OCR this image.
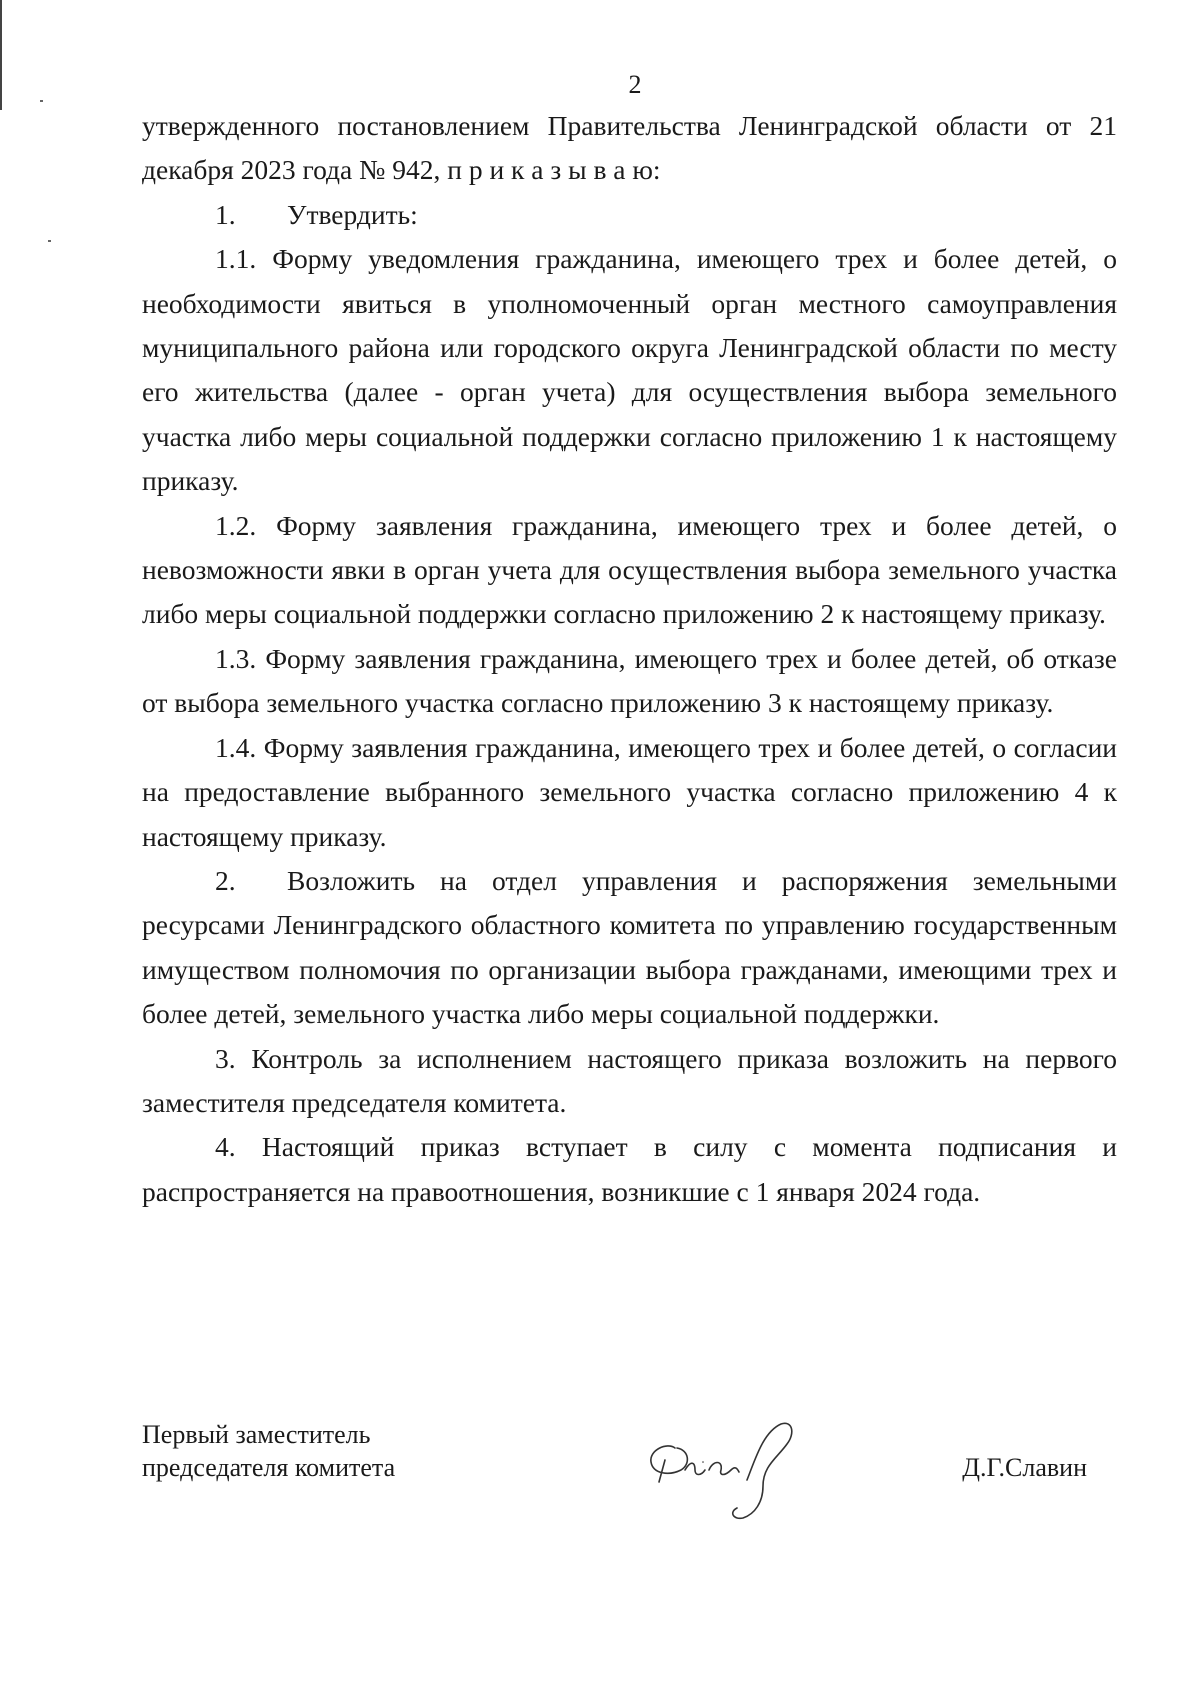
2

утвержденного постановлением Правительства Ленинградской области от 21 декабря 2023 года № 942, п р и к а з ы в а ю:

1. Утвердить:

1.1. Форму уведомления гражданина, имеющего трех и более детей, о необходимости явиться в уполномоченный орган местного самоуправления муниципального района или городского округа Ленинградской области по месту его жительства (далее - орган учета) для осуществления выбора земельного участка либо меры социальной поддержки согласно приложению 1 к настоящему приказу.

1.2. Форму заявления гражданина, имеющего трех и более детей, о невозможности явки в орган учета для осуществления выбора земельного участка либо меры социальной поддержки согласно приложению 2 к настоящему приказу.

1.3. Форму заявления гражданина, имеющего трех и более детей, об отказе от выбора земельного участка согласно приложению 3 к настоящему приказу.

1.4. Форму заявления гражданина, имеющего трех и более детей, о согласии на предоставление выбранного земельного участка согласно приложению 4 к настоящему приказу.

2. Возложить на отдел управления и распоряжения земельными ресурсами Ленинградского областного комитета по управлению государственным имуществом полномочия по организации выбора гражданами, имеющими трех и более детей, земельного участка либо меры социальной поддержки.

3. Контроль за исполнением настоящего приказа возложить на первого заместителя председателя комитета.

4. Настоящий приказ вступает в силу с момента подписания и распространяется на правоотношения, возникшие с 1 января 2024 года.

Первый заместитель
председателя комитета	Д.Г.Славин
